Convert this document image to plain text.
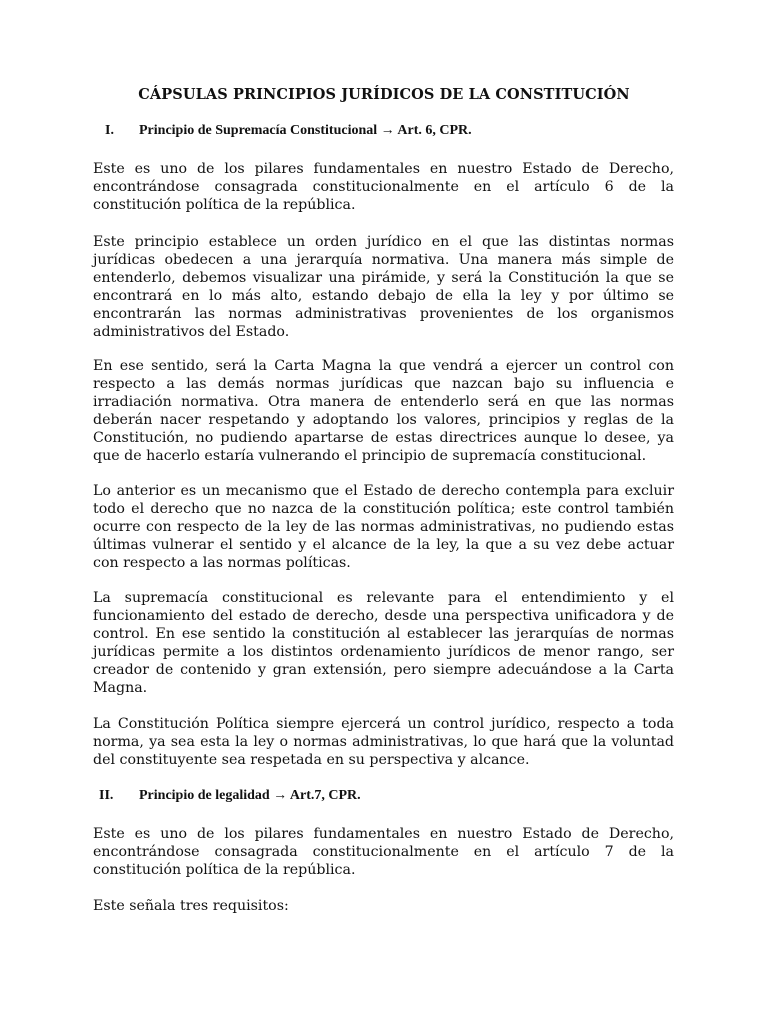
CÁPSULAS PRINCIPIOS JURÍDICOS DE LA CONSTITUCIÓN
I. Principio de Supremacía Constitucional → Art. 6, CPR.

Este es uno de los pilares fundamentales en nuestro Estado de Derecho, encontrándose consagrada constitucionalmente en el artículo 6 de la constitución política de la república.

Este principio establece un orden jurídico en el que las distintas normas jurídicas obedecen a una jerarquía normativa. Una manera más simple de entenderlo, debemos visualizar una pirámide, y será la Constitución la que se encontrará en lo más alto, estando debajo de ella la ley y por último se encontrarán las normas administrativas provenientes de los organismos administrativos del Estado.

En ese sentido, será la Carta Magna la que vendrá a ejercer un control con respecto a las demás normas jurídicas que nazcan bajo su influencia e irradiación normativa. Otra manera de entenderlo será en que las normas deberán nacer respetando y adoptando los valores, principios y reglas de la Constitución, no pudiendo apartarse de estas directrices aunque lo desee, ya que de hacerlo estaría vulnerando el principio de supremacía constitucional.

Lo anterior es un mecanismo que el Estado de derecho contempla para excluir todo el derecho que no nazca de la constitución política; este control también ocurre con respecto de la ley de las normas administrativas, no pudiendo estas últimas vulnerar el sentido y el alcance de la ley, la que a su vez debe actuar con respecto a las normas políticas.

La supremacía constitucional es relevante para el entendimiento y el funcionamiento del estado de derecho, desde una perspectiva unificadora y de control. En ese sentido la constitución al establecer las jerarquías de normas jurídicas permite a los distintos ordenamiento jurídicos de menor rango, ser creador de contenido y gran extensión, pero siempre adecuándose a la Carta Magna.

La Constitución Política siempre ejercerá un control jurídico, respecto a toda norma, ya sea esta la ley o normas administrativas, lo que hará que la voluntad del constituyente sea respetada en su perspectiva y alcance.

II. Principio de legalidad → Art.7, CPR.

Este es uno de los pilares fundamentales en nuestro Estado de Derecho, encontrándose consagrada constitucionalmente en el artículo 7 de la constitución política de la república.

Este señala tres requisitos:
